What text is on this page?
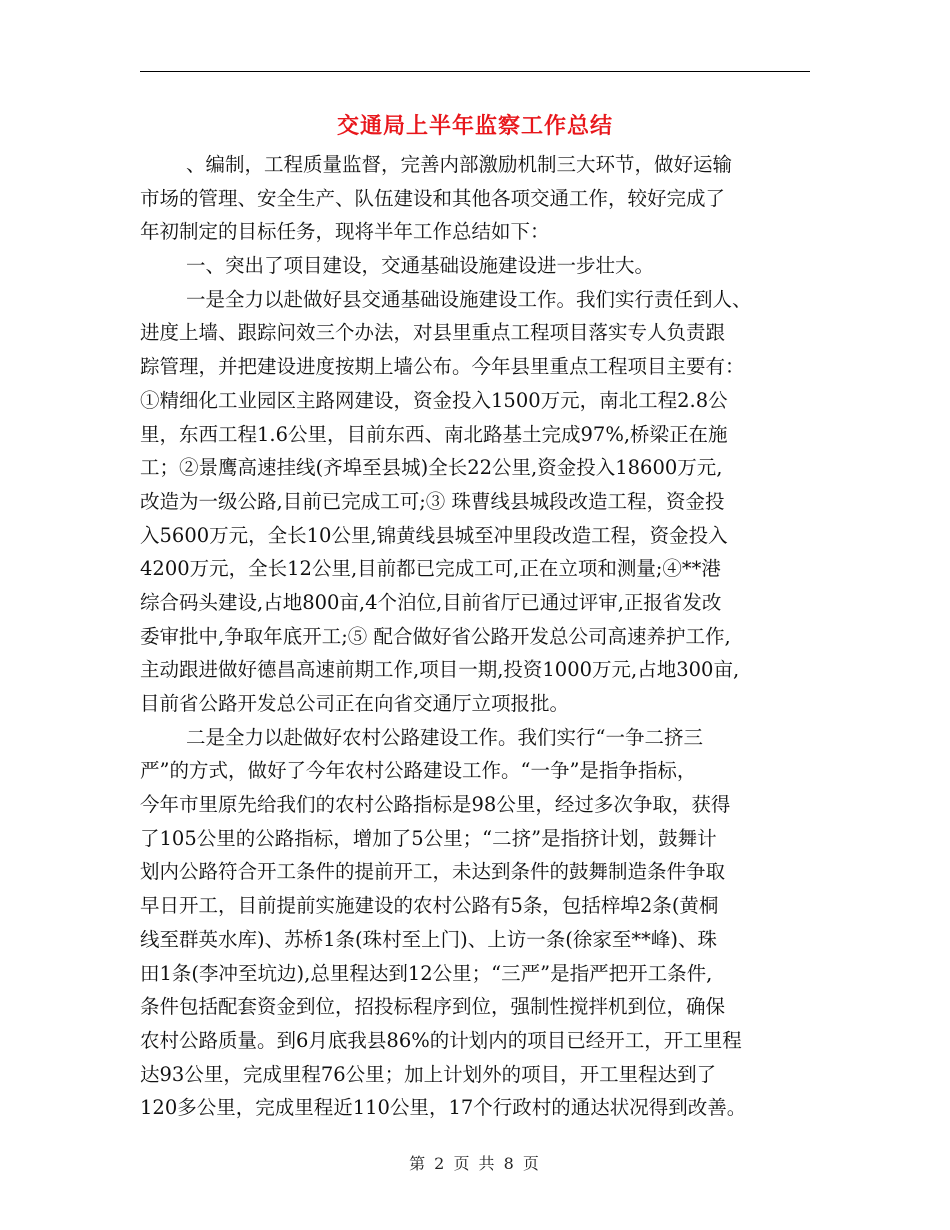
交通局上半年监察工作总结
、编制，工程质量监督，完善内部激励机制三大环节，做好运输
市场的管理、安全生产、队伍建设和其他各项交通工作，较好完成了
年初制定的目标任务，现将半年工作总结如下：
一、突出了项目建设，交通基础设施建设进一步壮大。
一是全力以赴做好县交通基础设施建设工作。我们实行责任到人、
进度上墙、跟踪问效三个办法，对县里重点工程项目落实专人负责跟
踪管理，并把建设进度按期上墙公布。今年县里重点工程项目主要有：
①精细化工业园区主路网建设，资金投入1500万元，南北工程2.8公
里，东西工程1.6公里，目前东西、南北路基土完成97%,桥梁正在施
工；②景鹰高速挂线(齐埠至县城)全长22公里,资金投入18600万元,
改造为一级公路,目前已完成工可;③ 珠曹线县城段改造工程，资金投
入5600万元，全长10公里,锦黄线县城至冲里段改造工程，资金投入
4200万元，全长12公里,目前都已完成工可,正在立项和测量;④**港
综合码头建设,占地800亩,4个泊位,目前省厅已通过评审,正报省发改
委审批中,争取年底开工;⑤ 配合做好省公路开发总公司高速养护工作,
主动跟进做好德昌高速前期工作,项目一期,投资1000万元,占地300亩,
目前省公路开发总公司正在向省交通厅立项报批。
二是全力以赴做好农村公路建设工作。我们实行“一争二挤三
严”的方式，做好了今年农村公路建设工作。“一争”是指争指标，
今年市里原先给我们的农村公路指标是98公里，经过多次争取，获得
了105公里的公路指标，增加了5公里；“二挤”是指挤计划，鼓舞计
划内公路符合开工条件的提前开工，未达到条件的鼓舞制造条件争取
早日开工，目前提前实施建设的农村公路有5条，包括梓埠2条(黄桐
线至群英水库)、苏桥1条(珠村至上门)、上访一条(徐家至**峰)、珠
田1条(李冲至坑边),总里程达到12公里；“三严”是指严把开工条件,
条件包括配套资金到位，招投标程序到位，强制性搅拌机到位，确保
农村公路质量。到6月底我县86%的计划内的项目已经开工，开工里程
达93公里，完成里程76公里；加上计划外的项目，开工里程达到了
120多公里，完成里程近110公里，17个行政村的通达状况得到改善。
第 2 页 共 8 页
